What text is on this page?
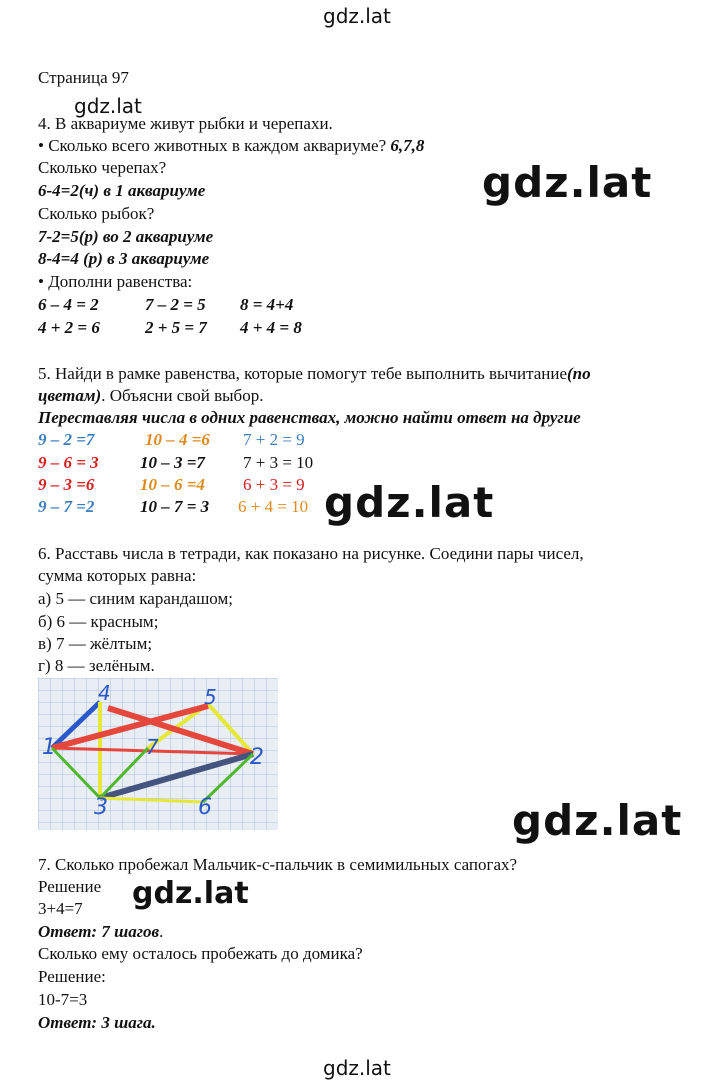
gdz.lat
gdz.lat
gdz.lat
gdz.lat
gdz.lat
gdz.lat
gdz.lat
Страница 97
4. В аквариуме живут рыбки и черепахи.
• Сколько всего животных в каждом аквариуме? 6,7,8
Сколько черепах?
6-4=2(ч) в 1 аквариуме
Сколько рыбок?
7-2=5(р) во 2 аквариуме
8-4=4 (р) в 3 аквариуме
• Дополни равенства:
6 – 4 = 2	7 – 2 = 5 8 = 4+4
4 + 2 = 6	2 + 5 = 7 4 + 4 = 8
5. Найди в рамке равенства, которые помогут тебе выполнить вычитание(по
цветам). Объясни свой выбор.
Переставляя числа в одних равенствах, можно найти ответ на другие
9 – 2 =7	10 – 4 =6 7 + 2 = 9
9 – 6 = 3 10 – 3 =7 7 + 3 = 10
9 – 3 =6	10 – 6 =4 6 + 3 = 9
9 – 7 =2	10 – 7 = 3 6 + 4 = 10
6. Расставь числа в тетради, как показано на рисунке. Соедини пары чисел,
сумма которых равна:
а) 5 — синим карандашом;
б) 6 — красным;
в) 7 — жёлтым;
г) 8 — зелёным.
4	5
1	7	2
3	6
7. Сколько пробежал Мальчик-с-пальчик в семимильных сапогах?
Решение
3+4=7
Ответ: 7 шагов.
Сколько ему осталось пробежать до домика?
Решение:
10-7=3
Ответ: 3 шага.
